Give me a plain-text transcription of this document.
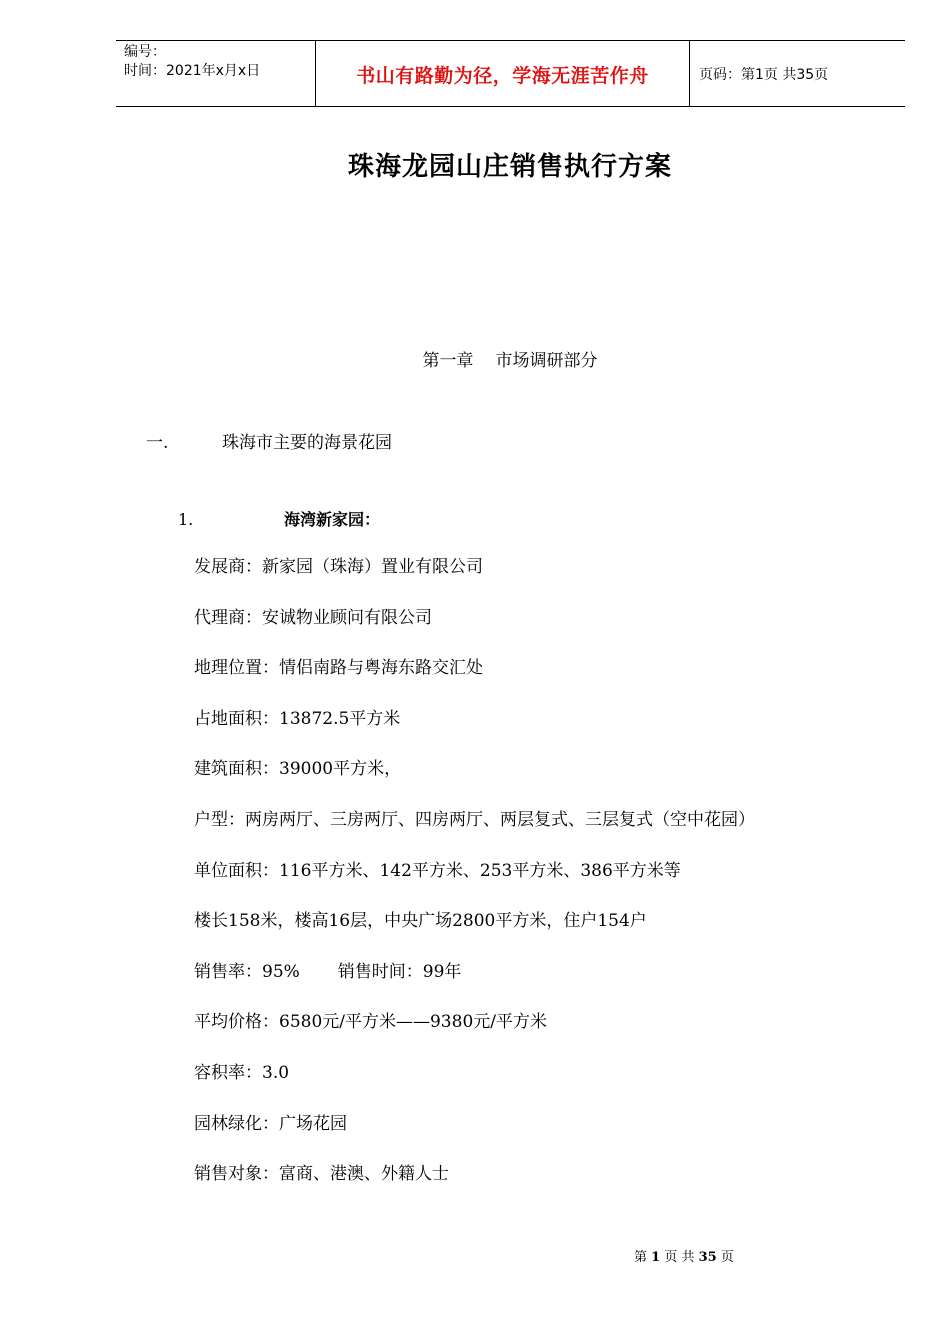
编号：
时间：2021年x月x日	书山有路勤为径，学海无涯苦作舟	页码：第1页 共35页
珠海龙园山庄销售执行方案
第一章 市场调研部分
一.	珠海市主要的海景花园
1.	海湾新家园：
发展商：新家园（珠海）置业有限公司
代理商：安诚物业顾问有限公司
地理位置：情侣南路与粤海东路交汇处
占地面积：13872.5平方米
建筑面积：39000平方米，
户型：两房两厅、三房两厅、四房两厅、两层复式、三层复式（空中花园）
单位面积：116平方米、142平方米、253平方米、386平方米等
楼长158米，楼高16层，中央广场2800平方米，住户154户
销售率：95% 销售时间：99年
平均价格：6580元/平方米——9380元/平方米
容积率：3.0
园林绿化：广场花园
销售对象：富商、港澳、外籍人士
第 1 页 共 35 页
